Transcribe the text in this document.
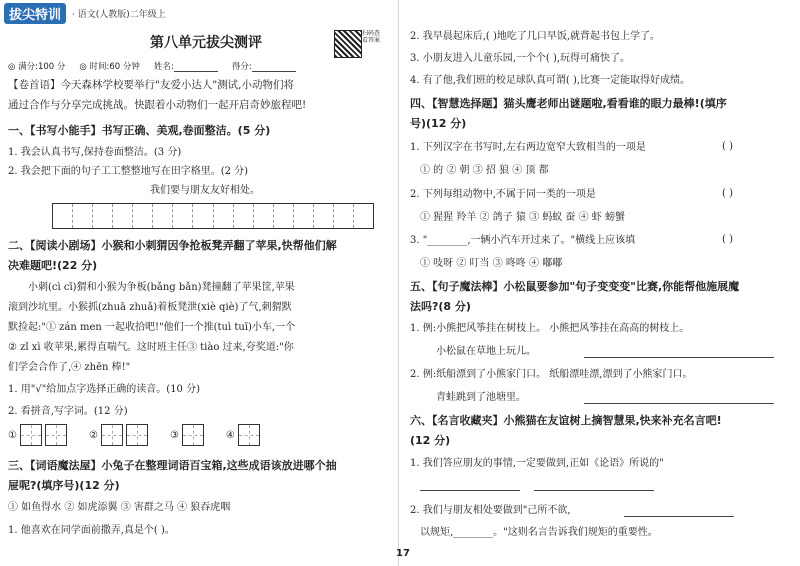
拔尖特训	· 语文(人教版)二年级上
第八单元拔尖测评
扫码查看答案
◎ 满分:100 分 ◎ 时间:60 分钟 姓名:	得分:
【卷首语】今天森林学校要举行"友爱小达人"测试,小动物们将
通过合作与分享完成挑战。快跟着小动物们一起开启奇妙旅程吧!
一、【书写小能手】书写正确、美观,卷面整洁。(5 分)
1. 我会认真书写,保持卷面整洁。(3 分)
2. 我会把下面的句子工工整整地写在田字格里。(2 分)
我们要与朋友友好相处。
二、【阅读小剧场】小猴和小刺猬因争抢板凳弄翻了苹果,快帮他们解
决难题吧!(22 分)
小刺(cì cī)猬和小猴为争板(bǎng bǎn)凳撞翻了苹果筐,苹果
滚到沙坑里。小猴抓(zhuā zhuǎ)着板凳泄(xiè qiè)了气,刺猬默
默捡起:"① zán men 一起收拾吧!"他们一个推(tuì tuī)小车,一个
② zǐ xì 收苹果,累得直喘气。这时班主任③ tiào 过来,夸奖道:"你
们学会合作了,④ zhēn 棒!"
1. 用"√"给加点字选择正确的读音。(10 分)
2. 看拼音,写字词。(12 分)
①	②	③	④
三、【词语魔法屋】小兔子在整理词语百宝箱,这些成语该放进哪个抽
屉呢?(填序号)(12 分)
① 如鱼得水 ② 如虎添翼 ③ 害群之马 ④ 狼吞虎咽
1. 他喜欢在同学面前撒弄,真是个( )。
2. 我早晨起床后,( )地吃了几口早饭,就背起书包上学了。
3. 小朋友进入儿童乐园,一个个( ),玩得可痛快了。
4. 有了他,我们班的校足球队真可谓( ),比赛一定能取得好成绩。
四、【智慧选择题】猫头鹰老师出谜题啦,看看谁的眼力最棒!(填序
号)(12 分)
1. 下列汉字在书写时,左右两边宽窄大致相当的一项是	( )
① 的 ② 朝 ③ 招 狼 ④ 顶 都
2. 下列每组动物中,不属于同一类的一项是	( )
① 猩猩 羚羊 ② 鸽子 猿 ③ 蚂蚁 蚕 ④ 虾 螃蟹
3. "________,一辆小汽车开过来了。"横线上应该填	( )
① 吱呀 ② 叮当 ③ 咚咚 ④ 嘟嘟
五、【句子魔法棒】小松鼠要参加"句子变变变"比赛,你能帮他施展魔
法吗?(8 分)
1. 例:小熊把风筝挂在树枝上。 小熊把风筝挂在高高的树枝上。
小松鼠在草地上玩儿。
2. 例:纸船漂到了小熊家门口。 纸船漂哇漂,漂到了小熊家门口。
青蛙跳到了池塘里。
六、【名言收藏夹】小熊猫在友谊树上摘智慧果,快来补充名言吧!
(12 分)
1. 我们答应朋友的事情,一定要做到,正如《论语》所说的"
2. 我们与朋友相处要做到"己所不欲,
以规矩,________。"这则名言告诉我们规矩的重要性。
17
